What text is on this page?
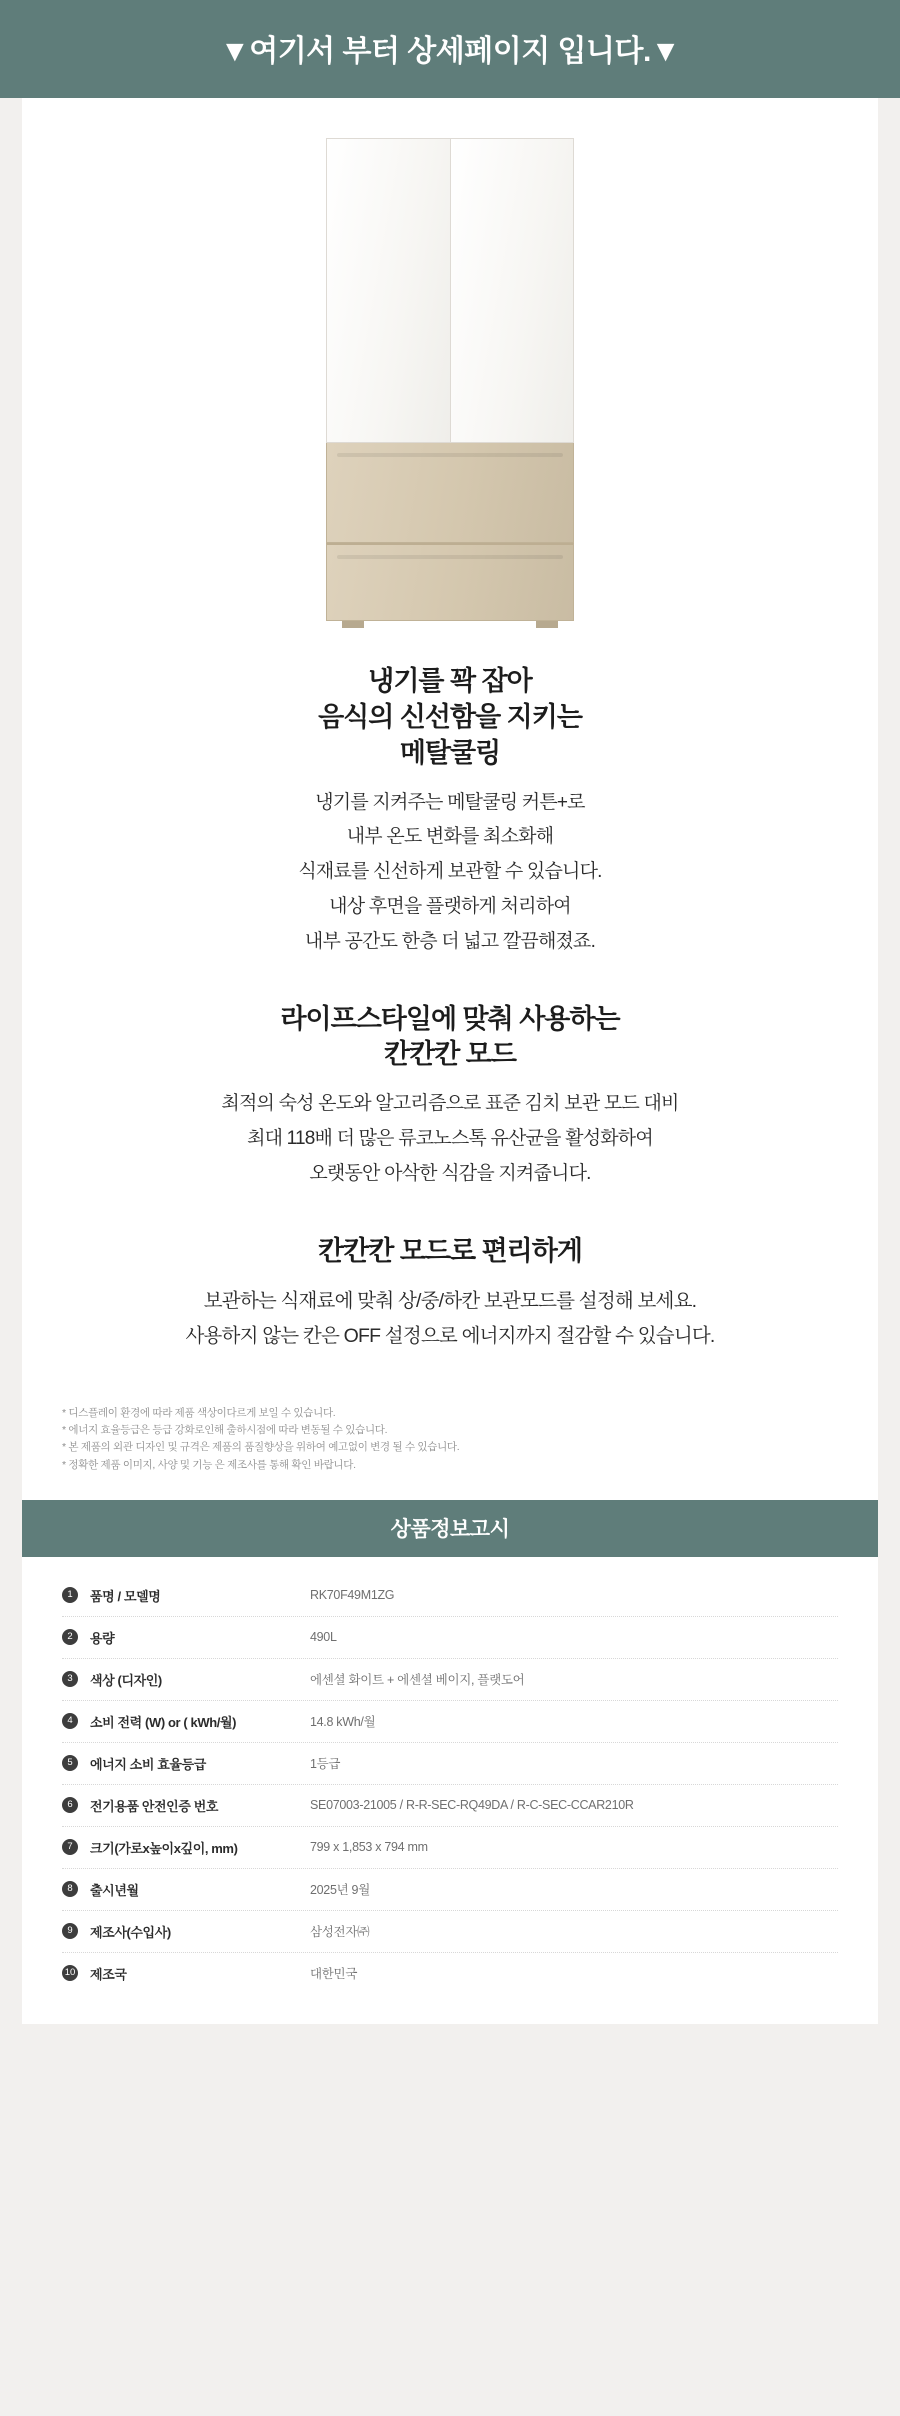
▼여기서 부터 상세페이지 입니다.▼
냉기를 꽉 잡아
음식의 신선함을 지키는
메탈쿨링

냉기를 지켜주는 메탈쿨링 커튼+로

내부 온도 변화를 최소화해

식재료를 신선하게 보관할 수 있습니다.

내상 후면을 플랫하게 처리하여

내부 공간도 한층 더 넓고 깔끔해졌죠.

라이프스타일에 맞춰 사용하는
칸칸칸 모드

최적의 숙성 온도와 알고리즘으로 표준 김치 보관 모드 대비

최대 118배 더 많은 류코노스톡 유산균을 활성화하여

오랫동안 아삭한 식감을 지켜줍니다.

칸칸칸 모드로 편리하게

보관하는 식재료에 맞춰 상/중/하칸 보관모드를 설정해 보세요.

사용하지 않는 칸은 OFF 설정으로 에너지까지 절감할 수 있습니다.

* 디스플레이 환경에 따라 제품 색상이다르게 보일 수 있습니다.
* 에너지 효율등급은 등급 강화로인해 출하시점에 따라 변동될 수 있습니다.
* 본 제품의 외관 디자인 및 규격은 제품의 품질향상을 위하여 예고없이 변경 될 수 있습니다.
* 정확한 제품 이미지, 사양 및 기능 은 제조사를 통해 확인 바랍니다.
상품정보고시
1	품명 / 모델명	RK70F49M1ZG
2	용량	490L
3	색상 (디자인)	에센셜 화이트 + 에센셜 베이지, 플랫도어
4	소비 전력 (W) or ( kWh/월)	14.8 kWh/월
5	에너지 소비 효율등급	1등급
6	전기용품 안전인증 번호	SE07003-21005 / R-R-SEC-RQ49DA / R-C-SEC-CCAR210R
7	크기(가로x높이x깊이, mm)	799 x 1,853 x 794 mm
8	출시년월	2025년 9월
9	제조사(수입사)	삼성전자㈜
10 제조국	대한민국
